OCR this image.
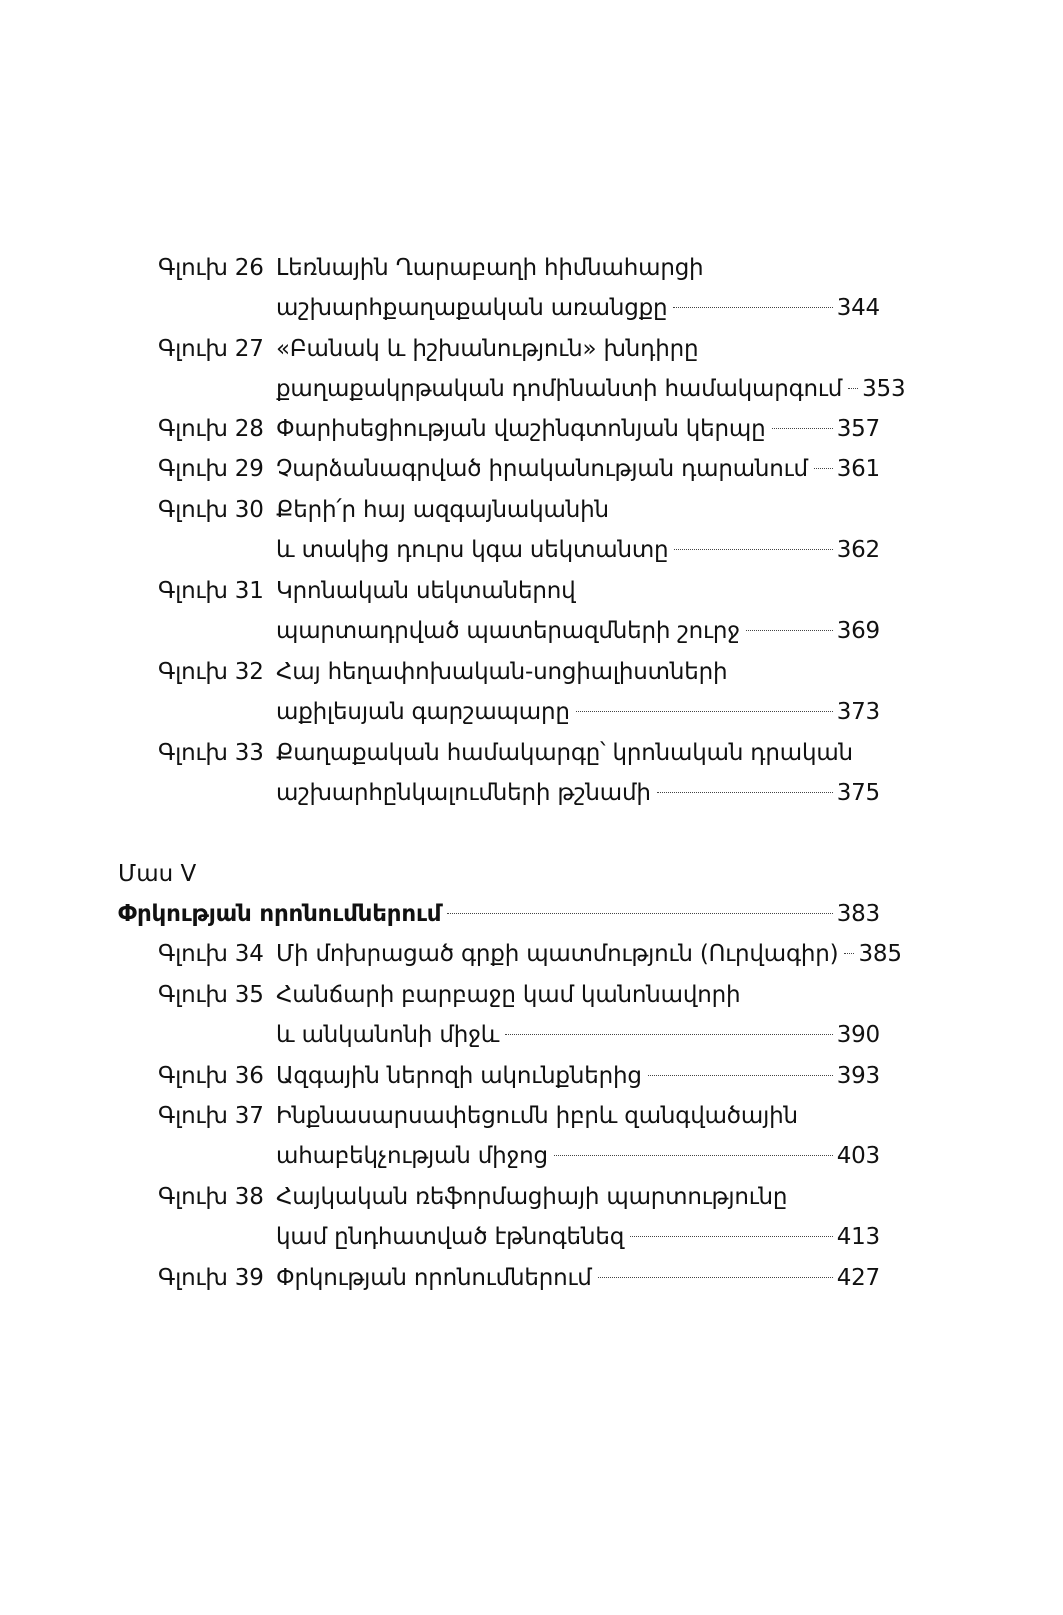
Գլուխ 26 Լեռնային Ղարաբաղի հիմնահարցի
աշխարհքաղաքական առանցքը	344
Գլուխ 27 «Բանակ և իշխանություն» խնդիրը
քաղաքակրթական դոմինանտի համակարգում 353
Գլուխ 28 Փարիսեցիության վաշինգտոնյան կերպը	357
Գլուխ 29 Չարձանագրված իրականության դարանում 361
Գլուխ 30 Քերի՛ր հայ ազգայնականին
և տակից դուրս կգա սեկտանտը	362
Գլուխ 31 Կրոնական սեկտաներով
պարտադրված պատերազմների շուրջ	369
Գլուխ 32 Հայ հեղափոխական-սոցիալիստների
աքիլեսյան գարշապարը	373
Գլուխ 33 Քաղաքական համակարգը՝ կրոնական դրական
աշխարհընկալումների թշնամի	375
Մաս V
Փրկության որոնումներում	383
Գլուխ 34 Մի մոխրացած գրքի պատմություն (Ուրվագիր) 385
Գլուխ 35 Հանճարի բարբաջը կամ կանոնավորի
և անկանոնի միջև	390
Գլուխ 36 Ազգային ներոզի ակունքներից	393
Գլուխ 37 Ինքնասարսափեցումն իբրև զանգվածային
ահաբեկչության միջոց	403
Գլուխ 38 Հայկական ռեֆորմացիայի պարտությունը
կամ ընդհատված էթնոգենեզ	413
Գլուխ 39 Փրկության որոնումներում	427
